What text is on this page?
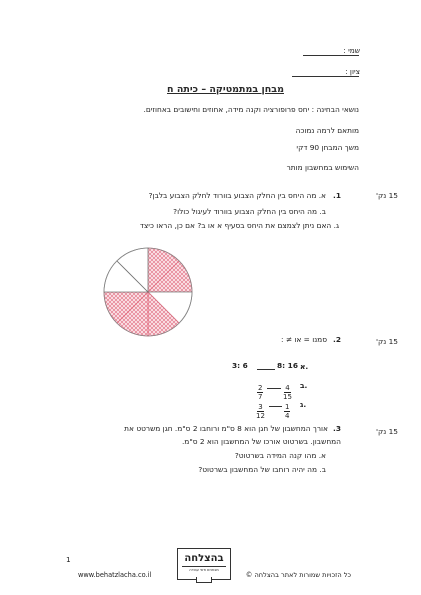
שמי :
ציון :
מבחן במתמטיקה – כיתה ח
נושאי הבחינה : יחס פרופורציה וקנה מידה, אחוזים וחישובים באחוזים.
מותאם לרמה נמוכה
משך המבחן 90 דקי
השימוש במחשבון מותר
15 נק'
1.
א. מה היחס בין החלק הצבוע בוורוד לחלק הצבוע בלבן?
ב. מה היחס בין החלק הצבוע בוורוד לעיגול כולו?
ג. האם ניתן לצמצם את היחס בסעיף א או ב? אם כן, הראו כיצד
15 נק'
2.
סמנו = או ≠ :
א.
8: 16
3: 6
ב.
$\frac{4}{15}$
$\frac{2}{7}$
ג.
$\frac{1}{4}$
$\frac{3}{12}$
15 נק'
3.
אורך המחשבון של חגן הוא 8 ס"מ ורוחבו 2 ס"מ. חגן משרטט את
המחשבון. בשרטוט אורכו של המחשבון הוא 2 ס"מ.
א. מהו קנה המידה בשרטוט?
ב. מה יהיה רוחבו של המחשבון בשרטוט?
1
www.behatzlacha.co.il	כל הזכויות שמורות לאתר בהצלחה ©
בהצלחה
מבחנים ודפי עבודה
